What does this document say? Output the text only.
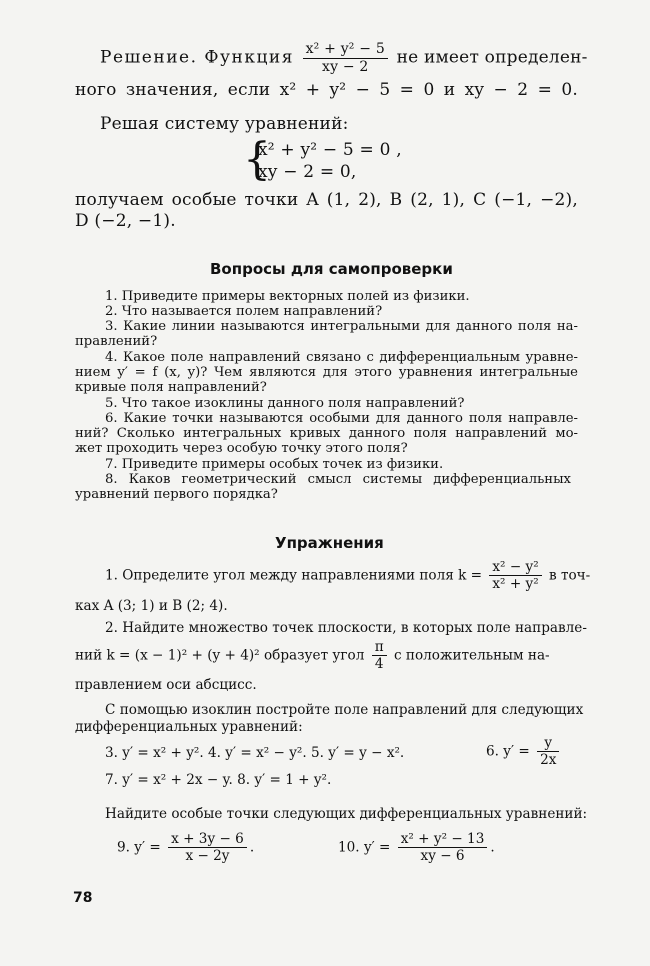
Решение. Функция $\frac{\text{x² + y² − 5}}{xy - 2}$ не имеет определен-
ного значения, если x² + y² − 5 = 0 и xy − 2 = 0.
Решая систему уравнений:
{
x² + y² − 5 = 0 ,
xy − 2 = 0,
получаем особые точки A (1, 2), B (2, 1), C (−1, −2),
D (−2, −1).
Вопросы для самопроверки
1. Приведите примеры векторных полей из физики.
2. Что называется полем направлений?
3. Какие линии называются интегральными для данного поля на-
правлений?
4. Какое поле направлений связано с дифференциальным уравне-
нием y′ = f (x, y)? Чем являются для этого уравнения интегральные
кривые поля направлений?
5. Что такое изоклины данного поля направлений?
6. Какие точки называются особыми для данного поля направле-
ний? Сколько интегральных кривых данного поля направлений мо-
жет проходить через особую точку этого поля?
7. Приведите примеры особых точек из физики.
8. Каков геометрический смысл системы дифференциальных
уравнений первого порядка?
Упражнения
1. Определите угол между направлениями поля $k = \frac{\text{x² − y²}}{\text{x² + y²}}$ в точ-
ках A (3; 1) и B (2; 4).
2. Найдите множество точек плоскости, в которых поле направле-
ний k = (x − 1)² + (y + 4)² образует угол $\frac{\pi}{4}$ с положительным на-
правлением оси абсцисс.
С помощью изоклин постройте поле направлений для следующих
дифференциальных уравнений:
3. y′ = x² + y². 4. y′ = x² − y². 5. y′ = y − x².	6. $y' = \frac{y}{2x}$
7. y′ = x² + 2x − y. 8. y′ = 1 + y².
Найдите особые точки следующих дифференциальных уравнений:
9. $y' = \frac{x + 3y - 6}{x - 2y}$ .	10. $y' = \frac{\text{x² + y² − 13}}{xy - 6}$ .
78
